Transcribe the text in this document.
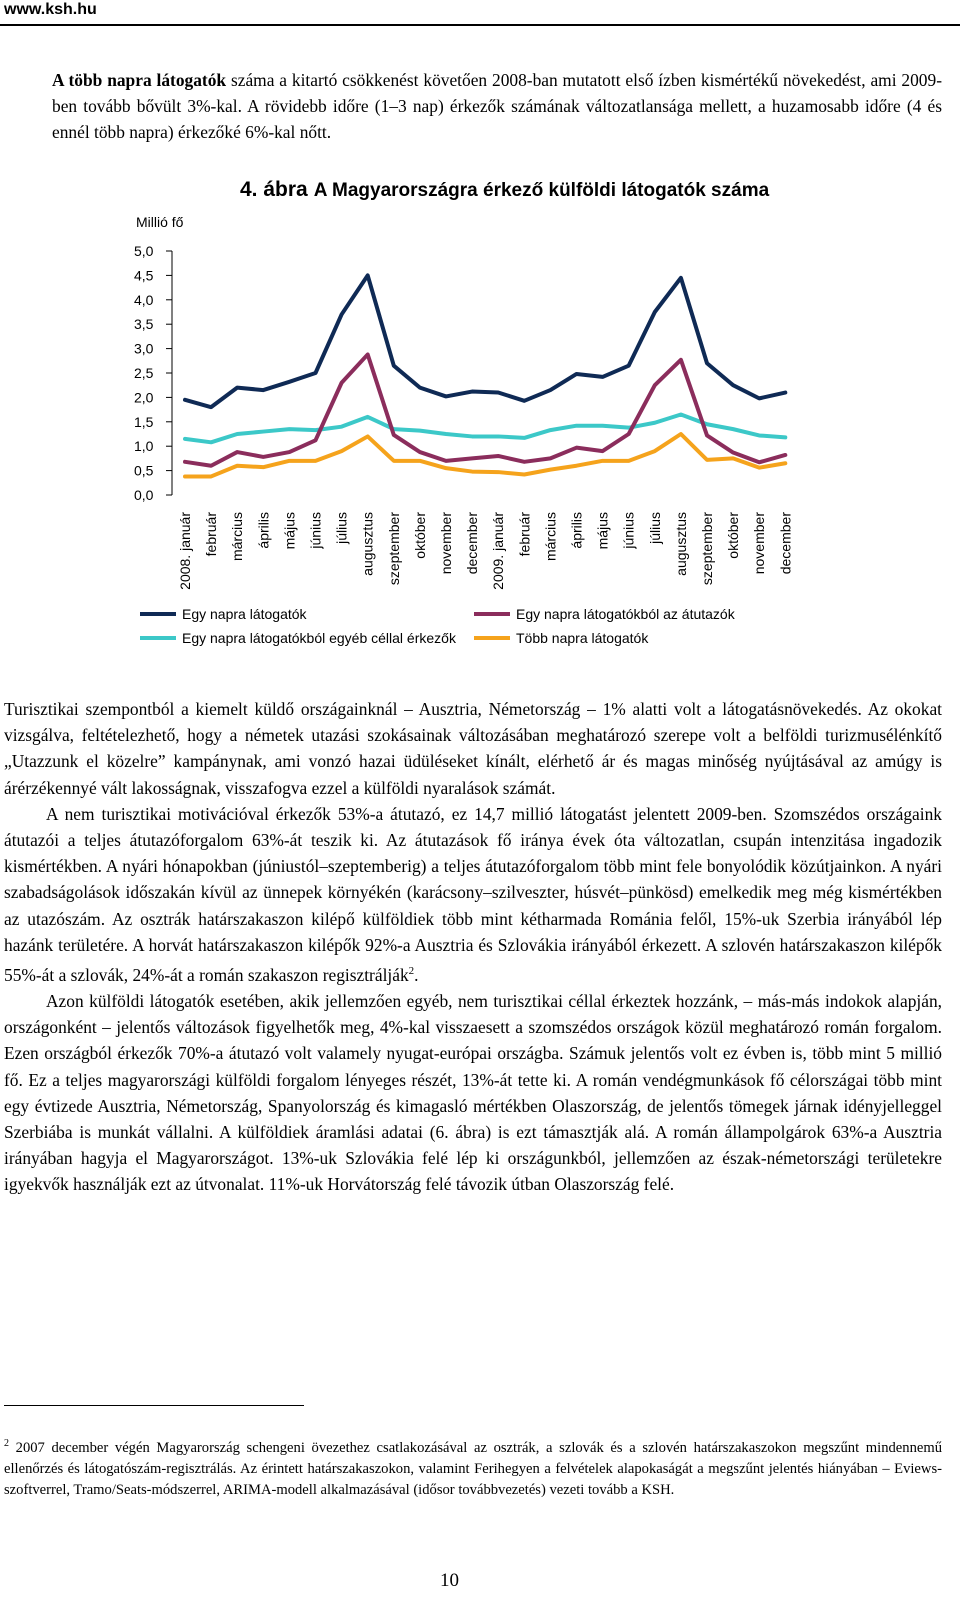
www.ksh.hu

A több napra látogatók száma a kitartó csökkenést követően 2008-ban mutatott első ízben kismértékű növekedést, ami 2009-ben tovább bővült 3%-kal. A rövidebb időre (1–3 nap) érkezők számának változatlansága mellett, a huzamosabb időre (4 és ennél több napra) érkezőké 6%-kal nőtt.

4. ábra A Magyarországra érkező külföldi látogatók száma
Millió fő
5,0
4,5
4,0
3,5
3,0
2,5
2,0
1,5
1,0
0,5
0,0
2008. január február március április május június július augusztus szeptember október november december 2009. január február március április május június július augusztus szeptember október november december
Egy napra látogatók	Egy napra látogatókból az átutazók
Egy napra látogatókból egyéb céllal érkezők	Több napra látogatók

Turisztikai szempontból a kiemelt küldő országainknál – Ausztria, Németország – 1% alatti volt a látogatásnövekedés. Az okokat vizsgálva, feltételezhető, hogy a németek utazási szokásainak változásában meghatározó szerepe volt a belföldi turizmusélénkítő „Utazzunk el közelre” kampánynak, ami vonzó hazai üdüléseket kínált, elérhető ár és magas minőség nyújtásával az amúgy is árérzékennyé vált lakosságnak, visszafogva ezzel a külföldi nyaralások számát.

A nem turisztikai motivációval érkezők 53%-a átutazó, ez 14,7 millió látogatást jelentett 2009-ben. Szomszédos országaink átutazói a teljes átutazóforgalom 63%-át teszik ki. Az átutazások fő iránya évek óta változatlan, csupán intenzitása ingadozik kismértékben. A nyári hónapokban (júniustól–szeptemberig) a teljes átutazóforgalom több mint fele bonyolódik közútjainkon. A nyári szabadságolások időszakán kívül az ünnepek környékén (karácsony–szilveszter, húsvét–pünkösd) emelkedik meg még kismértékben az utazószám. Az osztrák határszakaszon kilépő külföldiek több mint kétharmada Románia felől, 15%-uk Szerbia irányából lép hazánk területére. A horvát határszakaszon kilépők 92%-a Ausztria és Szlovákia irányából érkezett. A szlovén határszakaszon kilépők 55%-át a szlovák, 24%-át a román szakaszon regisztrálják$^2$.

Azon külföldi látogatók esetében, akik jellemzően egyéb, nem turisztikai céllal érkeztek hozzánk, – más-más indokok alapján, országonként – jelentős változások figyelhetők meg, 4%-kal visszaesett a szomszédos országok közül meghatározó román forgalom. Ezen országból érkezők 70%-a átutazó volt valamely nyugat-európai országba. Számuk jelentős volt ez évben is, több mint 5 millió fő. Ez a teljes magyarországi külföldi forgalom lényeges részét, 13%-át tette ki. A román vendégmunkások fő célországai több mint egy évtizede Ausztria, Németország, Spanyolország és kimagasló mértékben Olaszország, de jelentős tömegek járnak idényjelleggel Szerbiába is munkát vállalni. A külföldiek áramlási adatai (6. ábra) is ezt támasztják alá. A román állampolgárok 63%-a Ausztria irányában hagyja el Magyarországot. 13%-uk Szlovákia felé lép ki országunkból, jellemzően az észak-németországi területekre igyekvők használják ezt az útvonalat. 11%-uk Horvátország felé távozik útban Olaszország felé.

$^2$ 2007 december végén Magyarország schengeni övezethez csatlakozásával az osztrák, a szlovák és a szlovén határszakaszokon megszűnt mindennemű ellenőrzés és látogatószám-regisztrálás. Az érintett határszakaszokon, valamint Ferihegyen a felvételek alapokaságát a megszűnt jelentés hiányában – Eviews-szoftverrel, Tramo/Seats-módszerrel, ARIMA-modell alkalmazásával (idősor továbbvezetés) vezeti tovább a KSH.
10
